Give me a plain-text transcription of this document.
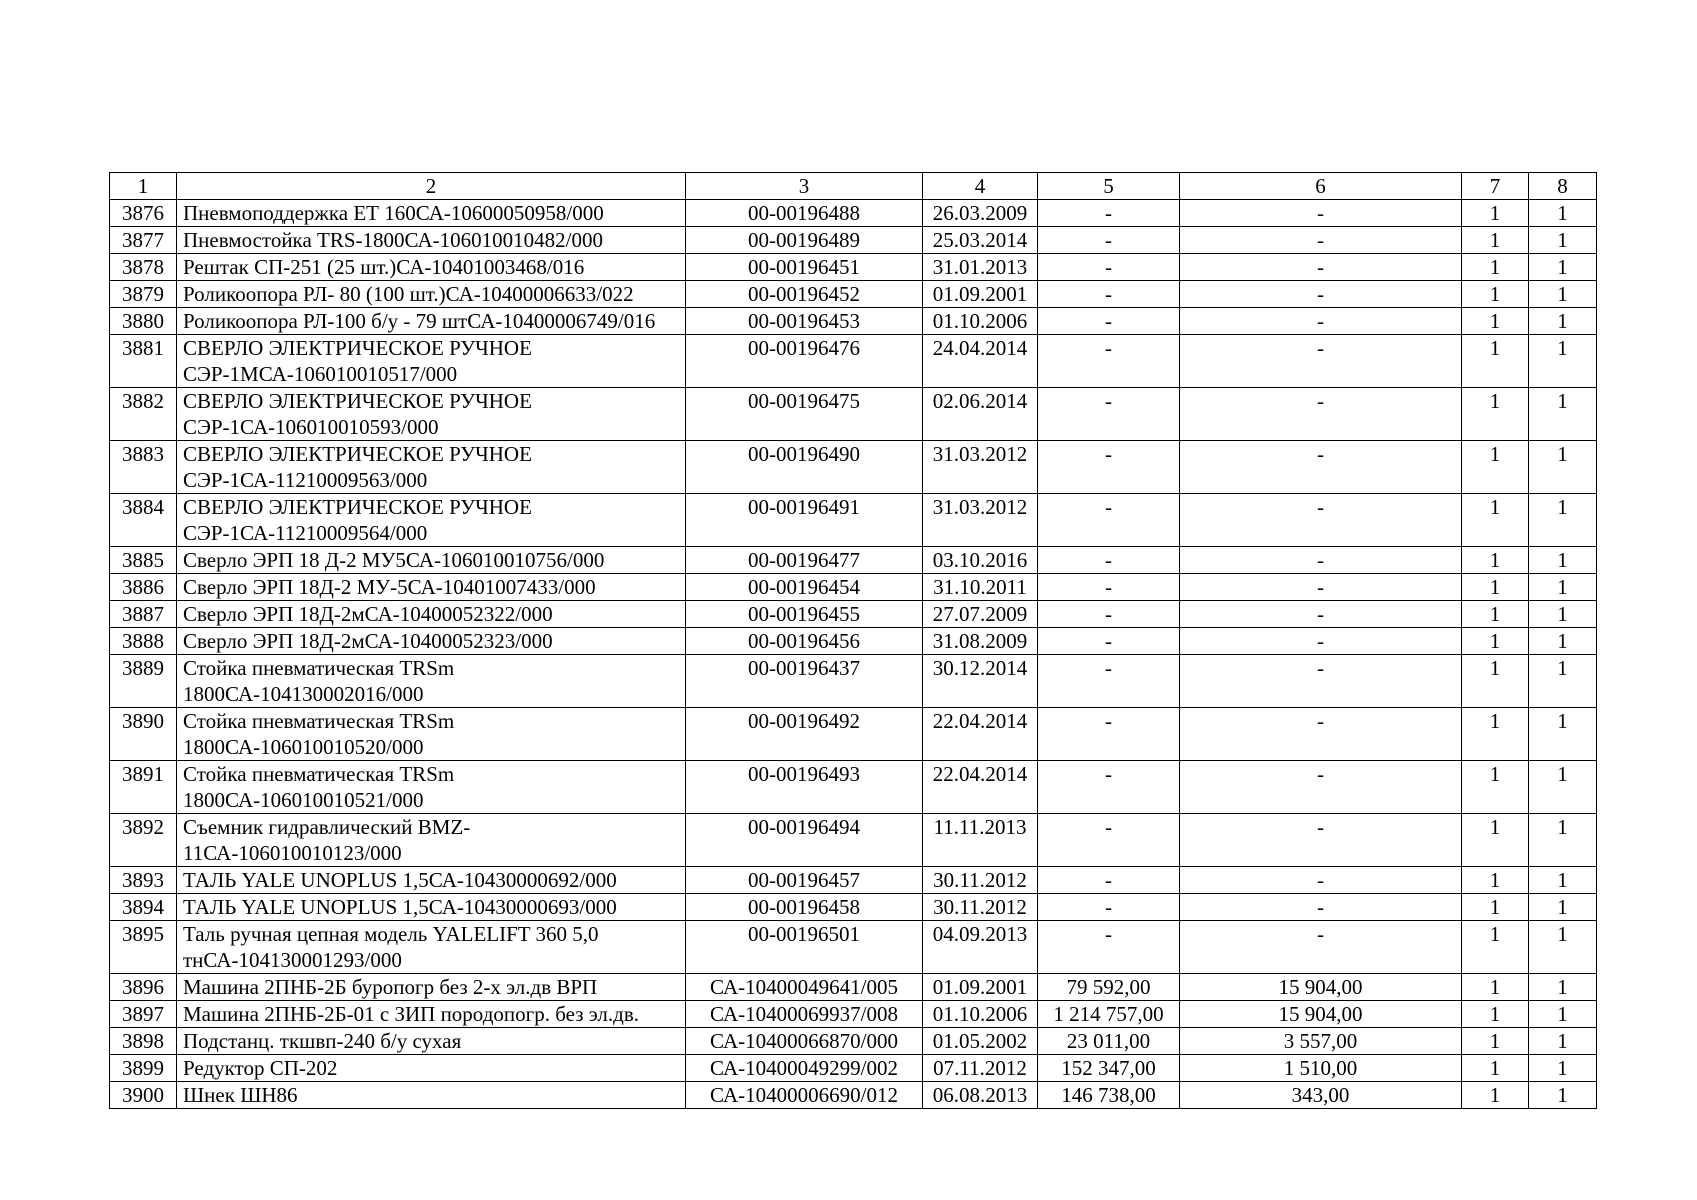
1	2	3	4	5	6	7	8
3876	Пневмоподдержка ЕТ 160СА-10600050958/000	00-00196488	26.03.2009	-	-	1	1
3877	Пневмостойка TRS-1800СА-106010010482/000	00-00196489	25.03.2014	-	-	1	1
3878	Рештак СП-251 (25 шт.)СА-10401003468/016	00-00196451	31.01.2013	-	-	1	1
3879	Роликоопора РЛ- 80 (100 шт.)СА-10400006633/022	00-00196452	01.09.2001	-	-	1	1
3880	Роликоопора РЛ-100 б/у - 79 штСА-10400006749/016	00-00196453	01.10.2006	-	-	1	1
3881	СВЕРЛО ЭЛЕКТРИЧЕСКОЕ РУЧНОЕ СЭР-1МСА-106010010517/000	00-00196476	24.04.2014	-	-	1	1
3882	СВЕРЛО ЭЛЕКТРИЧЕСКОЕ РУЧНОЕ СЭР-1СА-106010010593/000	00-00196475	02.06.2014	-	-	1	1
3883	СВЕРЛО ЭЛЕКТРИЧЕСКОЕ РУЧНОЕ СЭР-1СА-11210009563/000	00-00196490	31.03.2012	-	-	1	1
3884	СВЕРЛО ЭЛЕКТРИЧЕСКОЕ РУЧНОЕ СЭР-1СА-11210009564/000	00-00196491	31.03.2012	-	-	1	1
3885	Сверло ЭРП 18 Д-2 МУ5СА-106010010756/000	00-00196477	03.10.2016	-	-	1	1
3886	Сверло ЭРП 18Д-2 МУ-5СА-10401007433/000	00-00196454	31.10.2011	-	-	1	1
3887	Сверло ЭРП 18Д-2мСА-10400052322/000	00-00196455	27.07.2009	-	-	1	1
3888	Сверло ЭРП 18Д-2мСА-10400052323/000	00-00196456	31.08.2009	-	-	1	1
3889	Стойка пневматическая TRSm 1800СА-104130002016/000	00-00196437	30.12.2014	-	-	1	1
3890	Стойка пневматическая TRSm 1800СА-106010010520/000	00-00196492	22.04.2014	-	-	1	1
3891	Стойка пневматическая TRSm 1800СА-106010010521/000	00-00196493	22.04.2014	-	-	1	1
3892	Съемник гидравлический BMZ-11СА-106010010123/000	00-00196494	11.11.2013	-	-	1	1
3893	ТАЛЬ YALE UNOPLUS 1,5СА-10430000692/000	00-00196457	30.11.2012	-	-	1	1
3894	ТАЛЬ YALE UNOPLUS 1,5СА-10430000693/000	00-00196458	30.11.2012	-	-	1	1
3895	Таль ручная цепная модель YALELIFT 360 5,0 тнСА-104130001293/000	00-00196501	04.09.2013	-	-	1	1
3896	Машина 2ПНБ-2Б буропогр без 2-х эл.дв ВРП	СА-10400049641/005	01.09.2001	79 592,00	15 904,00	1	1
3897	Машина 2ПНБ-2Б-01 с ЗИП породопогр. без эл.дв.	СА-10400069937/008	01.10.2006	1 214 757,00	15 904,00	1	1
3898	Подстанц. ткшвп-240 б/у сухая	СА-10400066870/000	01.05.2002	23 011,00	3 557,00	1	1
3899	Редуктор СП-202	СА-10400049299/002	07.11.2012	152 347,00	1 510,00	1	1
3900	Шнек ШН86	СА-10400006690/012	06.08.2013	146 738,00	343,00	1	1
